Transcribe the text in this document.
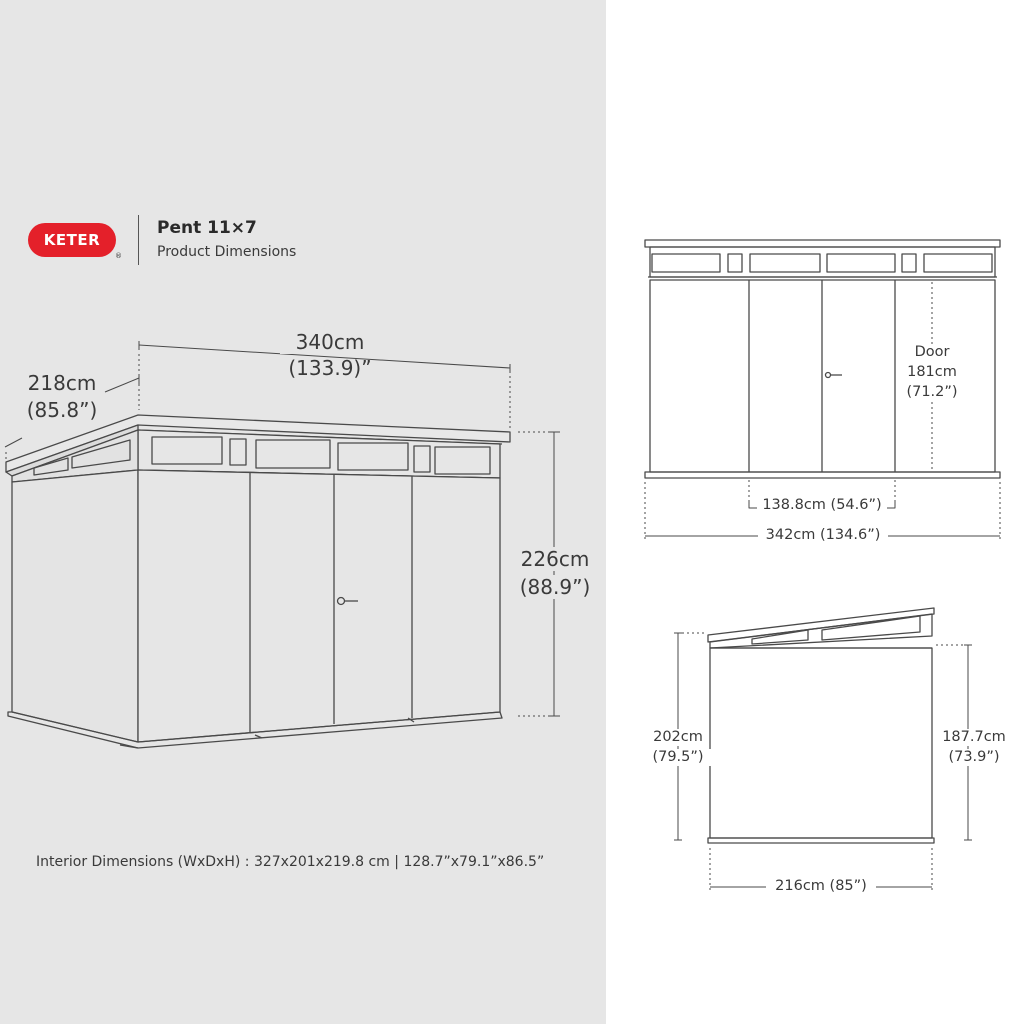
KETER
®
Pent 11×7
Product Dimensions
340cm
(133.9)”
218cm
(85.8”)
226cm
(88.9”)
Interior Dimensions (WxDxH) : 327x201x219.8 cm | 128.7”x79.1”x86.5”
Door
181cm
(71.2”)
138.8cm (54.6”)
342cm (134.6”)
202cm
(79.5”)
187.7cm
(73.9”)
216cm (85”)
